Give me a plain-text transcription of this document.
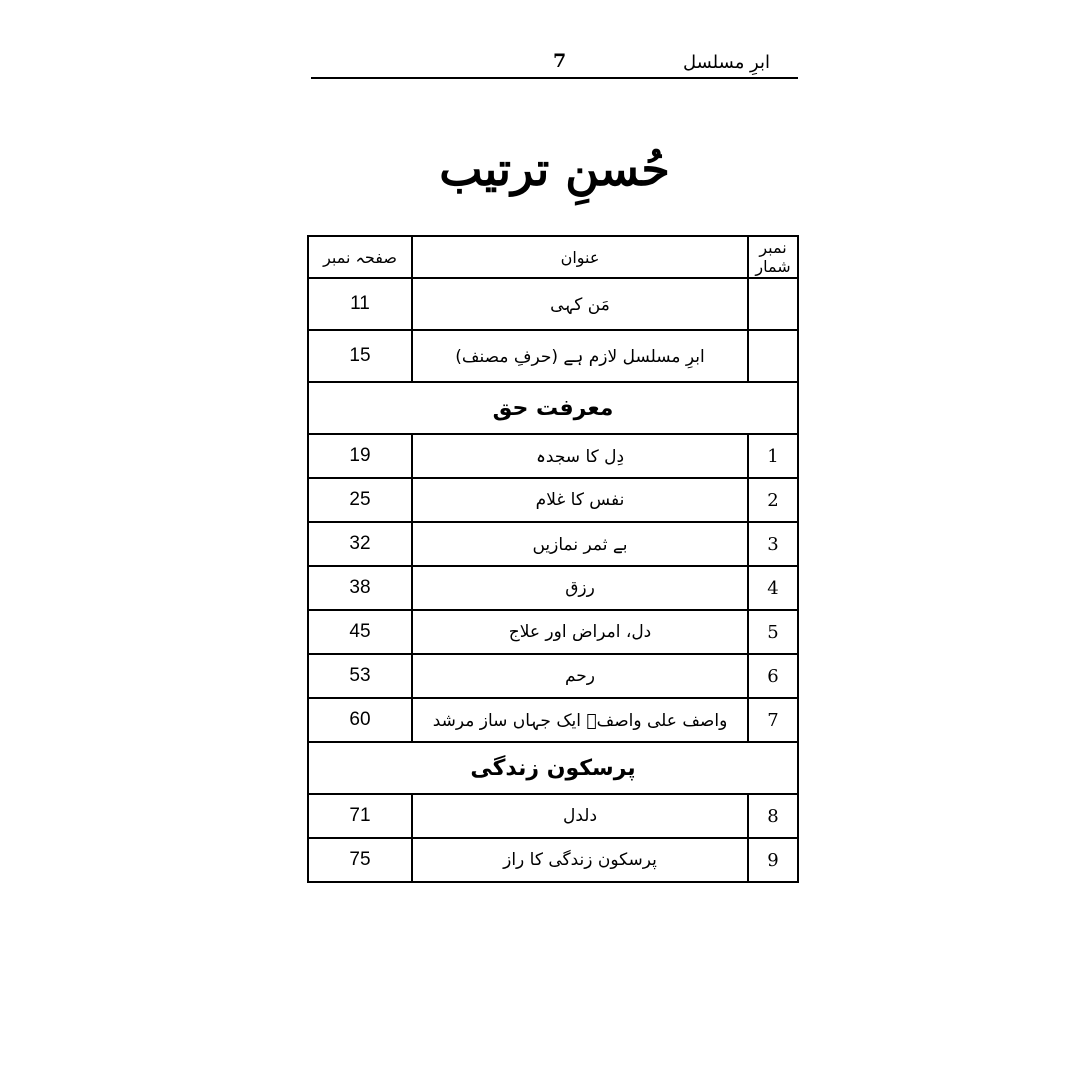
7	ابرِ مسلسل
حُسنِ ترتیب
نمبر شمار	عنوان	صفحہ نمبر
	مَن کہی	11
	ابرِ مسلسل لازم ہے (حرفِ مصنف)	15
معرفت حق		
1	دِل کا سجدہ	19
2	نفس کا غلام	25
3	بے ثمر نمازیں	32
4	رزق	38
5	دل، امراض اور علاج	45
6	رحم	53
7	واصف علی واصفؒ ایک جہاں ساز مرشد	60
پرسکون زندگی		
8	دلدل	71
9	پرسکون زندگی کا راز	75
